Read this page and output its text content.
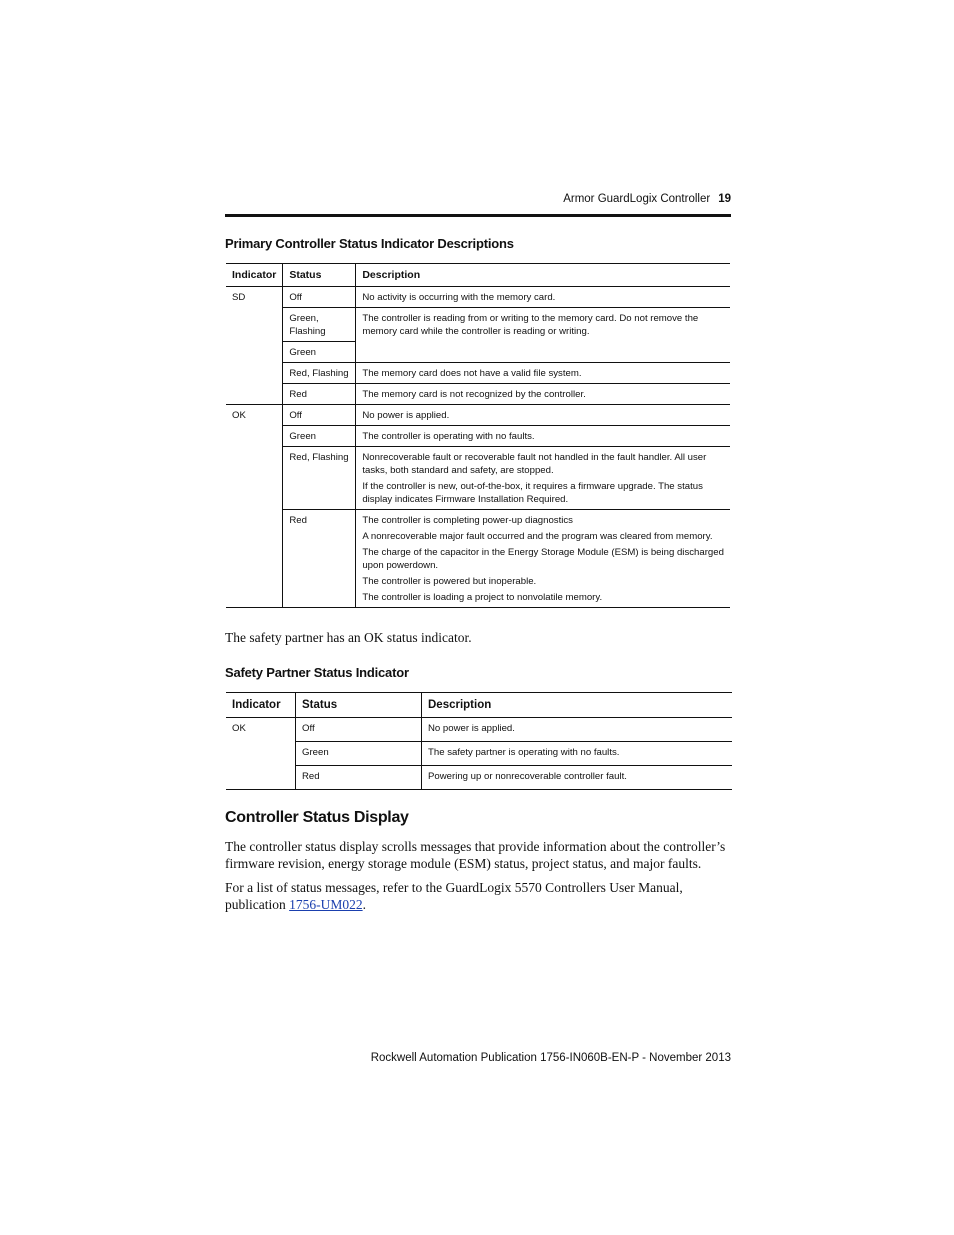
Armor GuardLogix Controller 19
Primary Controller Status Indicator Descriptions
Indicator	Status	Description
SD	Off	No activity is occurring with the memory card.

	Green, Flashing	The controller is reading from or writing to the memory card. Do not remove the memory card while the controller is reading or writing.

	Green	
	Red, Flashing	The memory card does not have a valid file system.

	Red	The memory card is not recognized by the controller.

OK	Off	No power is applied.

	Green	The controller is operating with no faults.

	Red, Flashing	Nonrecoverable fault or recoverable fault not handled in the fault handler. All user tasks, both standard and safety, are stopped.

If the controller is new, out-of-the-box, it requires a firmware upgrade. The status display indicates Firmware Installation Required.

	Red	The controller is completing power-up diagnostics

A nonrecoverable major fault occurred and the program was cleared from memory.

The charge of the capacitor in the Energy Storage Module (ESM) is being discharged upon powerdown.

The controller is powered but inoperable.

The controller is loading a project to nonvolatile memory.

The safety partner has an OK status indicator.

Safety Partner Status Indicator
Indicator	Status	Description
OK	Off	No power is applied.
	Green	The safety partner is operating with no faults.
	Red	Powering up or nonrecoverable controller fault.
Controller Status Display

The controller status display scrolls messages that provide information about the controller’s firmware revision, energy storage module (ESM) status, project status, and major faults.

For a list of status messages, refer to the GuardLogix 5570 Controllers User Manual, publication 1756-UM022.

Rockwell Automation Publication 1756-IN060B-EN-P - November 2013
